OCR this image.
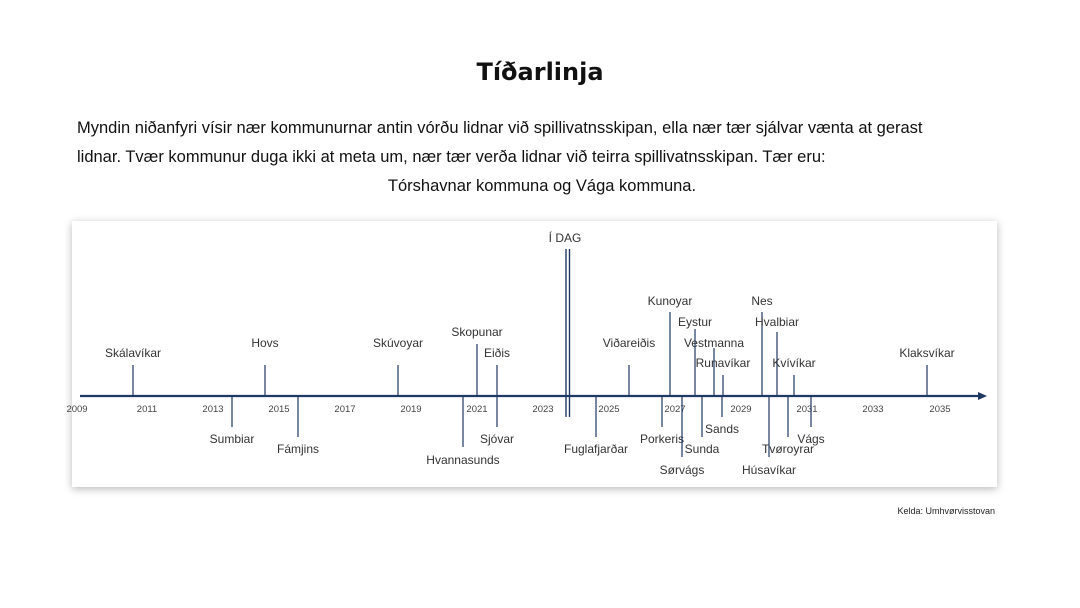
Tíðarlinja

Myndin niðanfyri vísir nær kommunurnar antin vórðu lidnar við spillivatnsskipan, ella nær tær sjálvar vænta at gerast

lidnar. Tvær kommunur duga ikki at meta um, nær tær verða lidnar við teirra spillivatnsskipan. Tær eru:

Tórshavnar kommuna og Vága kommuna.

2009	2011	2013	2015	2017	2019	2021	2023	2025	2027	2029	2031	2033	2035
Í DAG
Skálavíkar
Sumbiar
Hovs
Fámjins
Skúvoyar
Hvannasunds
Skopunar
Eiðis
Sjóvar
Fuglafjarðar
Viðareiðis
Kunoyar
Porkeris
Sørvágs
Eystur
Sunda
Vestmanna
Sands
Runavíkar
Nes
Húsavíkar
Hvalbiar
Tvøroyrar
Kvívíkar
Vágs
Klaksvíkar
Kelda: Umhvørvisstovan
